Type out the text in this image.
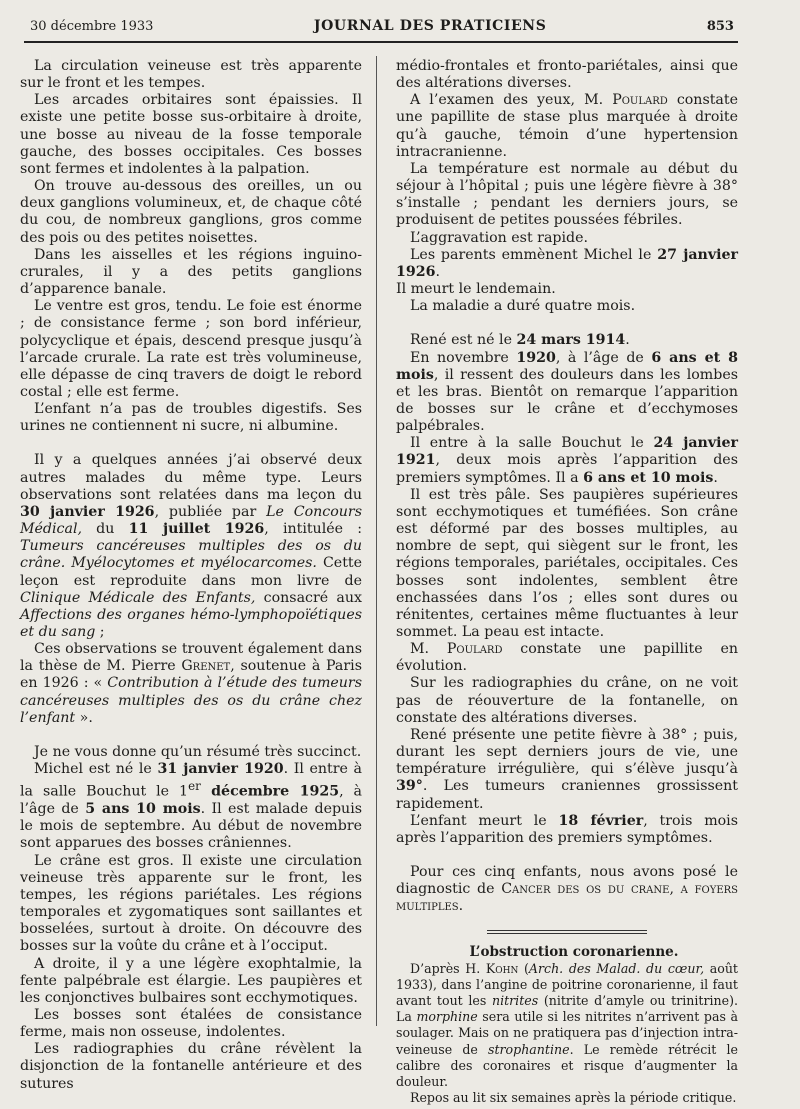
30 décembre 1933	JOURNAL DES PRATICIENS	853

La circulation veineuse est très apparente sur le front et les tempes.

Les arcades orbitaires sont épaissies. Il existe une petite bosse sus-orbitaire à droite, une bosse au niveau de la fosse temporale gauche, des bosses occipitales. Ces bosses sont fermes et indolentes à la palpation.

On trouve au-dessous des oreilles, un ou deux ganglions volumineux, et, de chaque côté du cou, de nombreux ganglions, gros comme des pois ou des petites noisettes.

Dans les aisselles et les régions inguino-crurales, il y a des petits ganglions d’apparence banale.

Le ventre est gros, tendu. Le foie est énorme ; de consistance ferme ; son bord inférieur, polycyclique et épais, descend presque jusqu’à l’arcade crurale. La rate est très volumineuse, elle dépasse de cinq travers de doigt le rebord costal ; elle est ferme.

L’enfant n’a pas de troubles digestifs. Ses urines ne contiennent ni sucre, ni albumine.

Il y a quelques années j’ai observé deux autres malades du même type. Leurs observations sont relatées dans ma leçon du 30 janvier 1926, publiée par Le Concours Médical, du 11 juillet 1926, intitulée : Tumeurs cancéreuses multiples des os du crâne. Myélocytomes et myélocarcomes. Cette leçon est reproduite dans mon livre de Clinique Médicale des Enfants, consacré aux Affections des organes hémo-lymphopoïétiques et du sang ;

Ces observations se trouvent également dans la thèse de M. Pierre Grenet, soutenue à Paris en 1926 : « Contribution à l’étude des tumeurs cancéreuses multiples des os du crâne chez l’enfant ».

Je ne vous donne qu’un résumé très succinct.

Michel est né le 31 janvier 1920. Il entre à la salle Bouchut le 1er décembre 1925, à l’âge de 5 ans 10 mois. Il est malade depuis le mois de septembre. Au début de novembre sont apparues des bosses crâniennes.

Le crâne est gros. Il existe une circulation veineuse très apparente sur le front, les tempes, les régions pariétales. Les régions temporales et zygomatiques sont saillantes et bosselées, surtout à droite. On découvre des bosses sur la voûte du crâne et à l’occiput.

A droite, il y a une légère exophtalmie, la fente palpébrale est élargie. Les paupières et les conjonctives bulbaires sont ecchymotiques.

Les bosses sont étalées de consistance ferme, mais non osseuse, indolentes.

Les radiographies du crâne révèlent la disjonction de la fontanelle antérieure et des sutures

médio-frontales et fronto-pariétales, ainsi que des altérations diverses.

A l’examen des yeux, M. Poulard constate une papillite de stase plus marquée à droite qu’à gauche, témoin d’une hypertension intracranienne.

La température est normale au début du séjour à l’hôpital ; puis une légère fièvre à 38° s’installe ; pendant les derniers jours, se produisent de petites poussées fébriles.

L’aggravation est rapide.

Les parents emmènent Michel le 27 janvier 1926.

Il meurt le lendemain.

La maladie a duré quatre mois.

René est né le 24 mars 1914.

En novembre 1920, à l’âge de 6 ans et 8 mois, il ressent des douleurs dans les lombes et les bras. Bientôt on remarque l’apparition de bosses sur le crâne et d’ecchymoses palpébrales.

Il entre à la salle Bouchut le 24 janvier 1921, deux mois après l’apparition des premiers symptômes. Il a 6 ans et 10 mois.

Il est très pâle. Ses paupières supérieures sont ecchymotiques et tuméfiées. Son crâne est déformé par des bosses multiples, au nombre de sept, qui siègent sur le front, les régions temporales, pariétales, occipitales. Ces bosses sont indolentes, semblent être enchassées dans l’os ; elles sont dures ou rénitentes, certaines même fluctuantes à leur sommet. La peau est intacte.

M. Poulard constate une papillite en évolution.

Sur les radiographies du crâne, on ne voit pas de réouverture de la fontanelle, on constate des altérations diverses.

René présente une petite fièvre à 38° ; puis, durant les sept derniers jours de vie, une température irrégulière, qui s’élève jusqu’à 39°. Les tumeurs craniennes grossissent rapidement.

L’enfant meurt le 18 février, trois mois après l’apparition des premiers symptômes.

Pour ces cinq enfants, nous avons posé le diagnostic de Cancer des os du crane, a foyers multiples.

L’obstruction coronarienne.

D’après H. Kohn (Arch. des Malad. du cœur, août 1933), dans l’angine de poitrine coronarienne, il faut avant tout les nitrites (nitrite d’amyle ou trinitrine). La morphine sera utile si les nitrites n’arrivent pas à soulager. Mais on ne pratiquera pas d’injection intra-veineuse de strophantine. Le remède rétrécit le calibre des coronaires et risque d’augmenter la douleur.

Repos au lit six semaines après la période critique.
